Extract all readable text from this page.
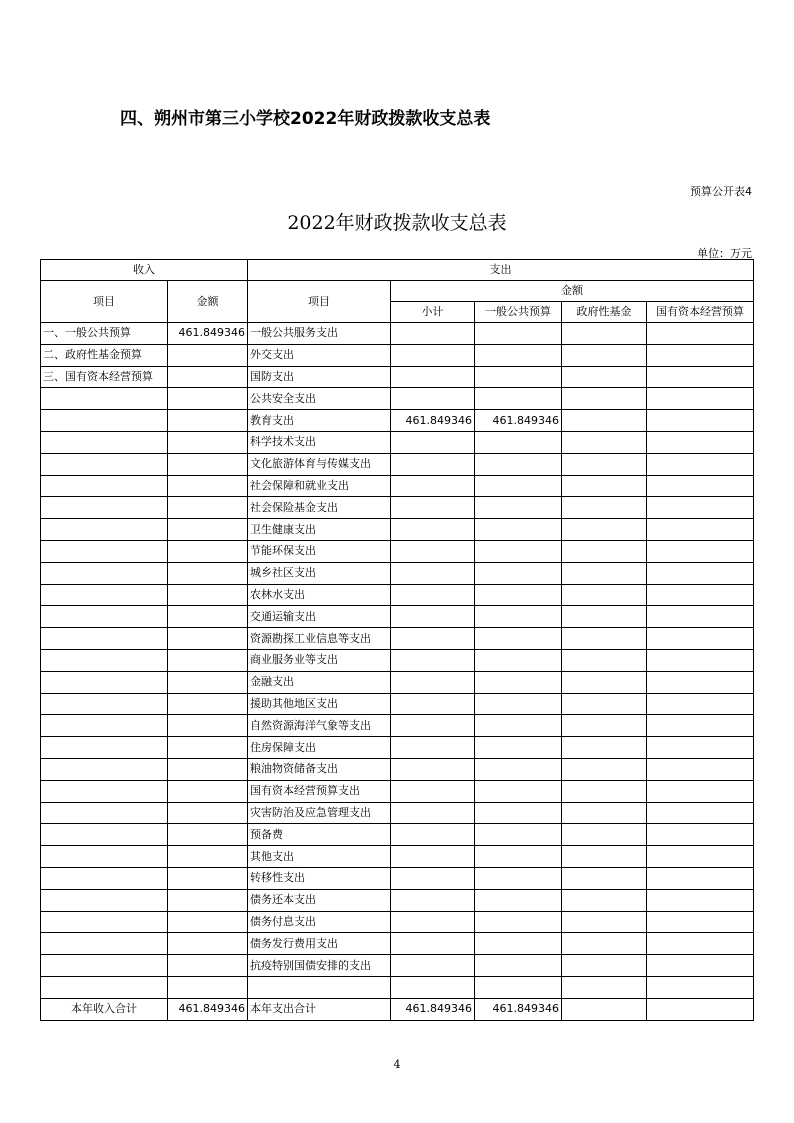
四、朔州市第三小学校2022年财政拨款收支总表
预算公开表4
2022年财政拨款收支总表
单位：万元
收入		支出				
项目	金额	项目	金额			
			小计	一般公共预算	政府性基金	国有资本经营预算
一、一般公共预算	461.849346	一般公共服务支出				
二、政府性基金预算		外交支出				
三、国有资本经营预算		国防支出				
		公共安全支出				
		教育支出	461.849346	461.849346		
		科学技术支出				
		文化旅游体育与传媒支出				
		社会保障和就业支出				
		社会保险基金支出				
		卫生健康支出				
		节能环保支出				
		城乡社区支出				
		农林水支出				
		交通运输支出				
		资源勘探工业信息等支出				
		商业服务业等支出				
		金融支出				
		援助其他地区支出				
		自然资源海洋气象等支出				
		住房保障支出				
		粮油物资储备支出				
		国有资本经营预算支出				
		灾害防治及应急管理支出				
		预备费				
		其他支出				
		转移性支出				
		债务还本支出				
		债务付息支出				
		债务发行费用支出				
		抗疫特别国债安排的支出				

本年收入合计	461.849346	本年支出合计	461.849346	461.849346		
4
